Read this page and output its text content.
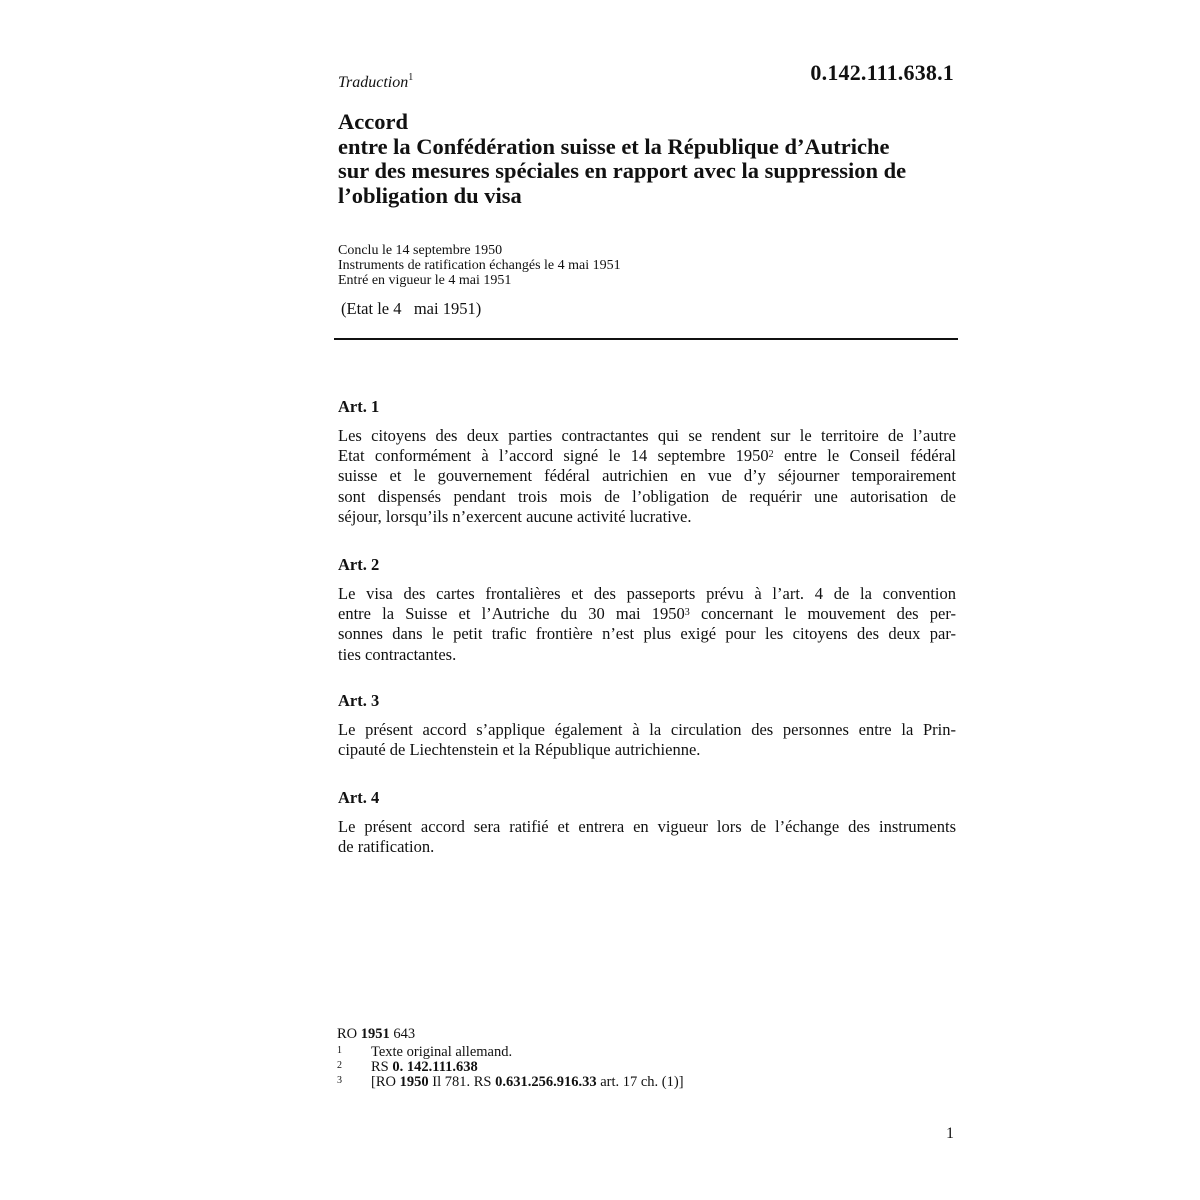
0.142.111.638.1
Traduction$^1$
Accord
entre la Confédération suisse et la République d’Autriche
sur des mesures spéciales en rapport avec la suppression de
l’obligation du visa
Conclu le 14 septembre 1950
Instruments de ratification échangés le 4 mai 1951
Entré en vigueur le 4 mai 1951
(Etat le 4   mai 1951)
Art. 1
Les citoyens des deux parties contractantes qui se rendent sur le territoire de l’autre
Etat conformément à l’accord signé le 14 septembre 1950$^2$ entre le Conseil fédéral
suisse et le gouvernement fédéral autrichien en vue d’y séjourner temporairement
sont dispensés pendant trois mois de l’obligation de requérir une autorisation de
séjour, lorsqu’ils n’exercent aucune activité lucrative.
Art. 2
Le visa des cartes frontalières et des passeports prévu à l’art. 4 de la convention
entre la Suisse et l’Autriche du 30 mai 1950$^3$ concernant le mouvement des per-
sonnes dans le petit trafic frontière n’est plus exigé pour les citoyens des deux par-
ties contractantes.
Art. 3
Le présent accord s’applique également à la circulation des personnes entre la Prin-
cipauté de Liechtenstein et la République autrichienne.
Art. 4
Le présent accord sera ratifié et entrera en vigueur lors de l’échange des instruments
de ratification.
RO 1951 643
1	Texte original allemand.
2	RS 0. 142.111.638
3	[RO 1950 Il 781. RS 0.631.256.916.33 art. 17 ch. (1)]
1
